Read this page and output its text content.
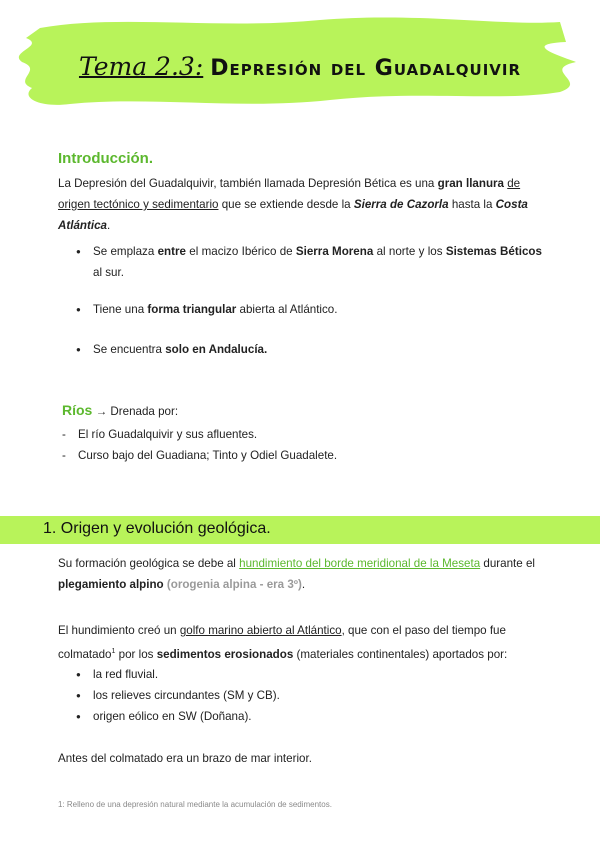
Tema 2.3: Depresión del Guadalquivir
Introducción.
La Depresión del Guadalquivir, también llamada Depresión Bética es una gran llanura de origen tectónico y sedimentario que se extiende desde la Sierra de Cazorla hasta la Costa Atlántica.
● Se emplaza entre el macizo Ibérico de Sierra Morena al norte y los Sistemas Béticos al sur.
● Tiene una forma triangular abierta al Atlántico.
● Se encuentra solo en Andalucía.
Ríos → Drenada por:
- El río Guadalquivir y sus afluentes.
- Curso bajo del Guadiana; Tinto y Odiel Guadalete.
1. Origen y evolución geológica.
Su formación geológica se debe al hundimiento del borde meridional de la Meseta durante el plegamiento alpino (orogenia alpina - era 3º).
El hundimiento creó un golfo marino abierto al Atlántico, que con el paso del tiempo fue colmatado$^1$ por los sedimentos erosionados (materiales continentales) aportados por:
● la red fluvial.
● los relieves circundantes (SM y CB).
● origen eólico en SW (Doñana).
Antes del colmatado era un brazo de mar interior.
1: Relleno de una depresión natural mediante la acumulación de sedimentos.
